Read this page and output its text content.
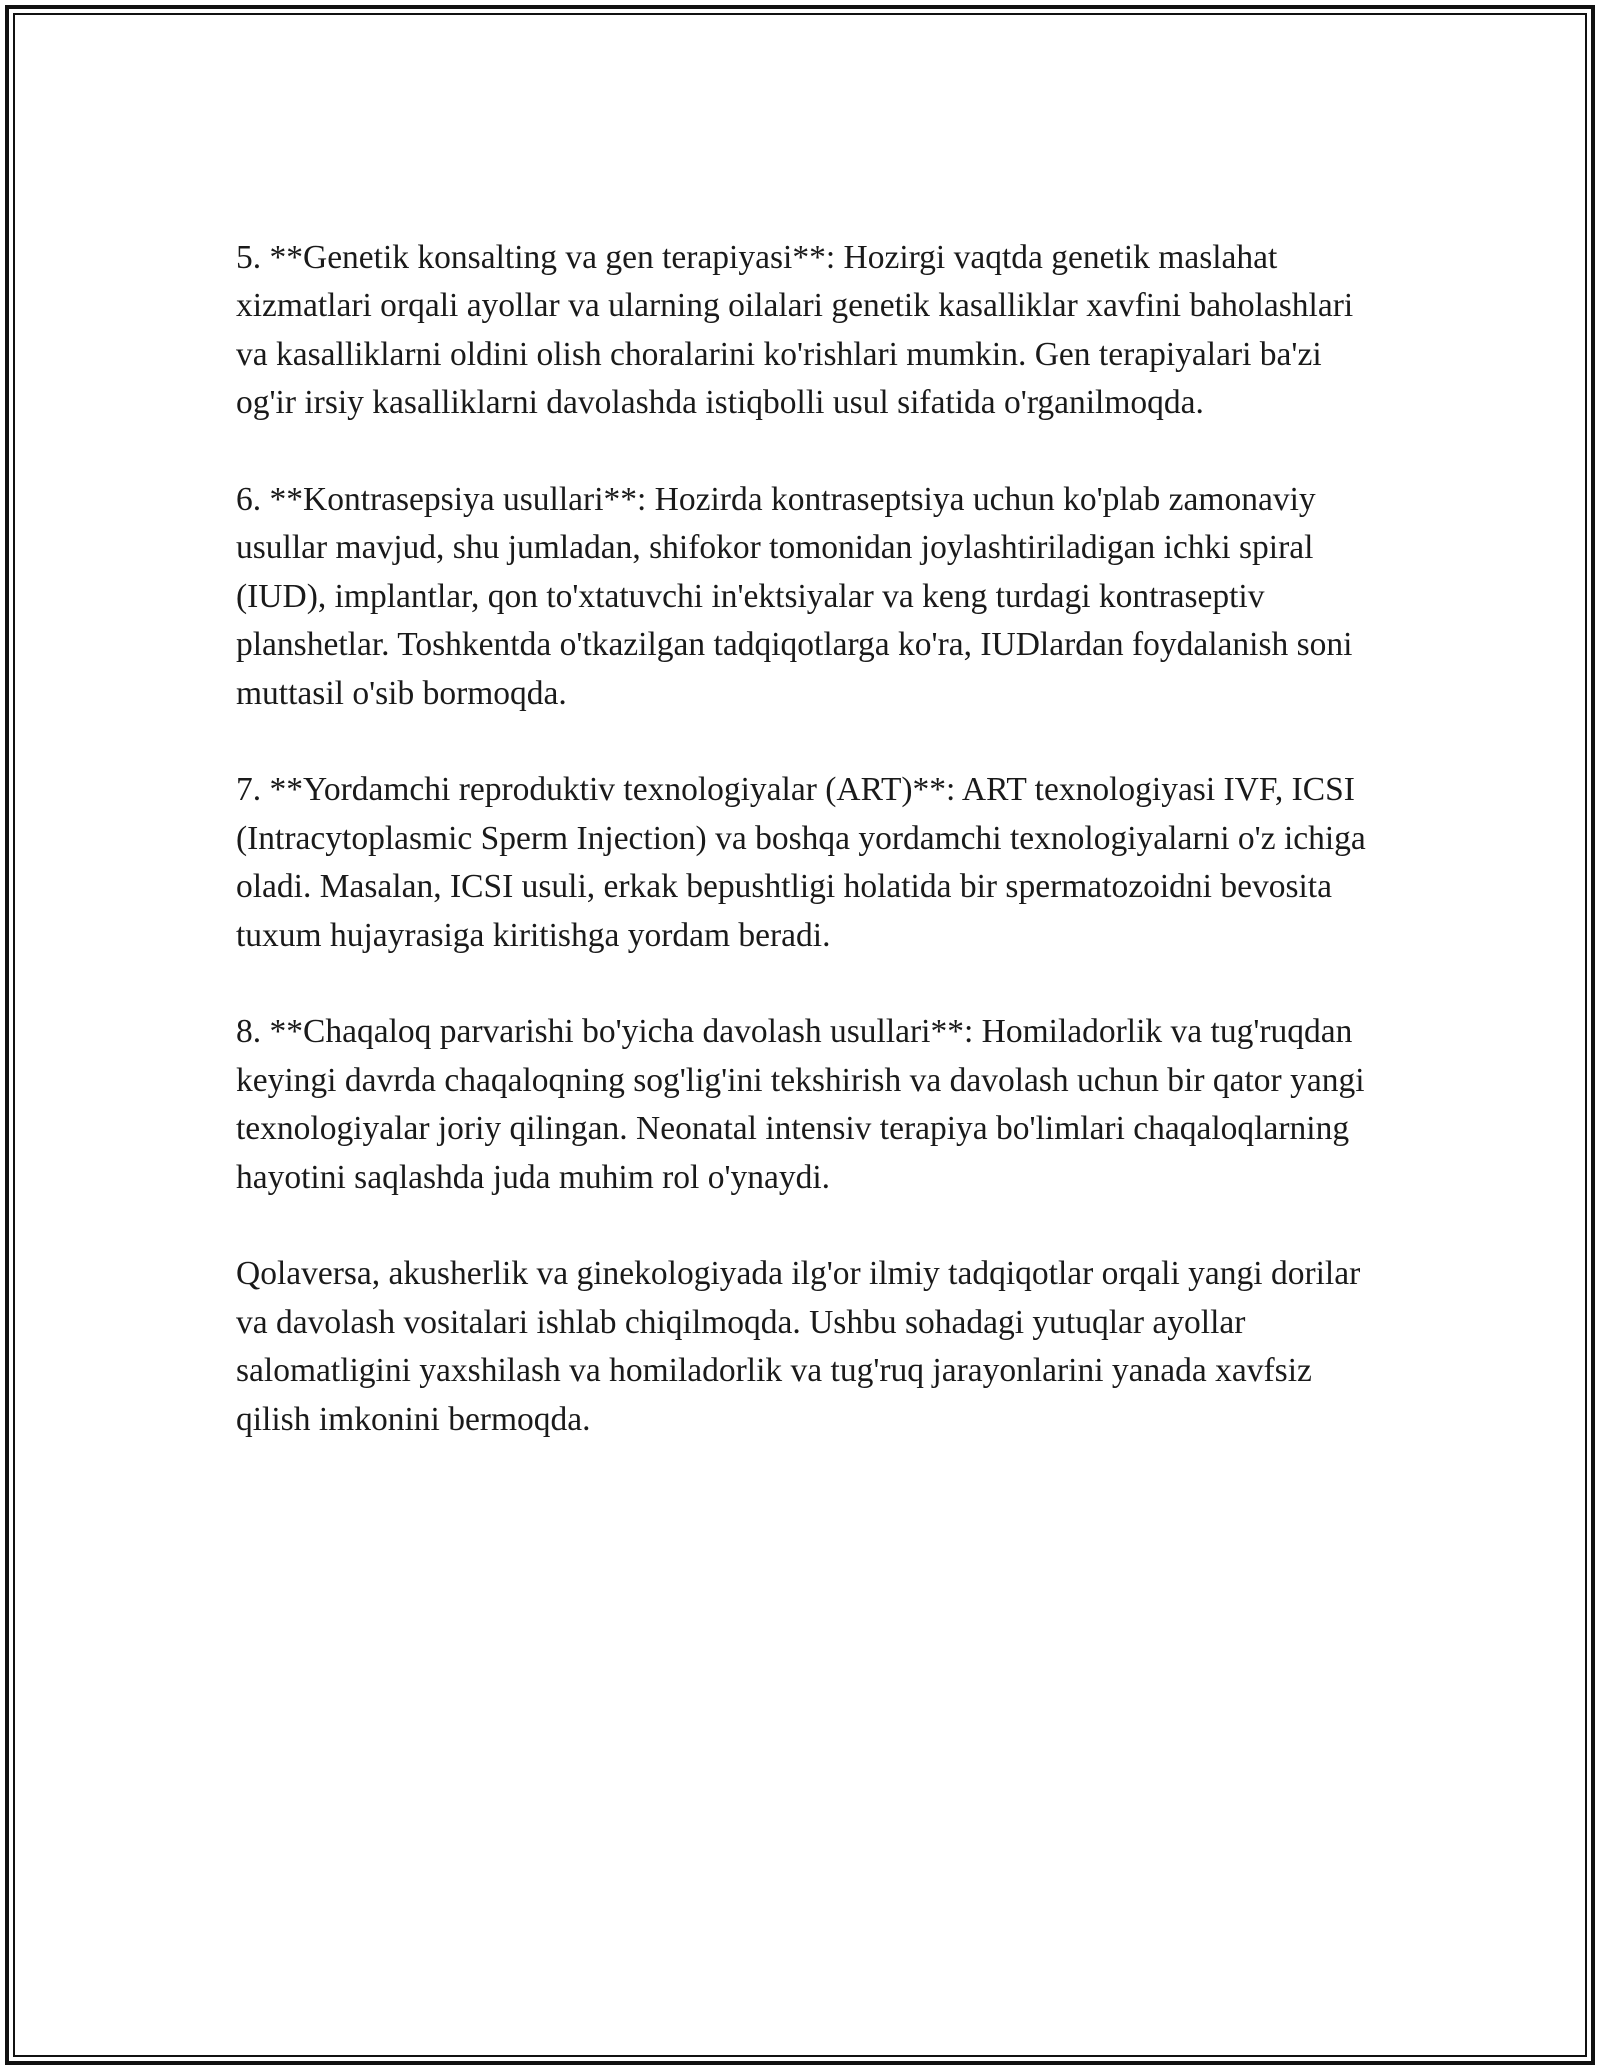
5. **Genetik konsalting va gen terapiyasi**: Hozirgi vaqtda genetik maslahat xizmatlari orqali ayollar va ularning oilalari genetik kasalliklar xavfini baholashlari va kasalliklarni oldini olish choralarini ko'rishlari mumkin. Gen terapiyalari ba'zi og'ir irsiy kasalliklarni davolashda istiqbolli usul sifatida o'rganilmoqda.

6. **Kontrasepsiya usullari**: Hozirda kontraseptsiya uchun ko'plab zamonaviy usullar mavjud, shu jumladan, shifokor tomonidan joylashtiriladigan ichki spiral (IUD), implantlar, qon to'xtatuvchi in'ektsiyalar va keng turdagi kontraseptiv planshetlar. Toshkentda o'tkazilgan tadqiqotlarga ko'ra, IUDlardan foydalanish soni muttasil o'sib bormoqda.

7. **Yordamchi reproduktiv texnologiyalar (ART)**: ART texnologiyasi IVF, ICSI (Intracytoplasmic Sperm Injection) va boshqa yordamchi texnologiyalarni o'z ichiga oladi. Masalan, ICSI usuli, erkak bepushtligi holatida bir spermatozoidni bevosita tuxum hujayrasiga kiritishga yordam beradi.

8. **Chaqaloq parvarishi bo'yicha davolash usullari**: Homiladorlik va tug'ruqdan keyingi davrda chaqaloqning sog'lig'ini tekshirish va davolash uchun bir qator yangi texnologiyalar joriy qilingan. Neonatal intensiv terapiya bo'limlari chaqaloqlarning hayotini saqlashda juda muhim rol o'ynaydi.

Qolaversa, akusherlik va ginekologiyada ilg'or ilmiy tadqiqotlar orqali yangi dorilar va davolash vositalari ishlab chiqilmoqda. Ushbu sohadagi yutuqlar ayollar salomatligini yaxshilash va homiladorlik va tug'ruq jarayonlarini yanada xavfsiz qilish imkonini bermoqda.
